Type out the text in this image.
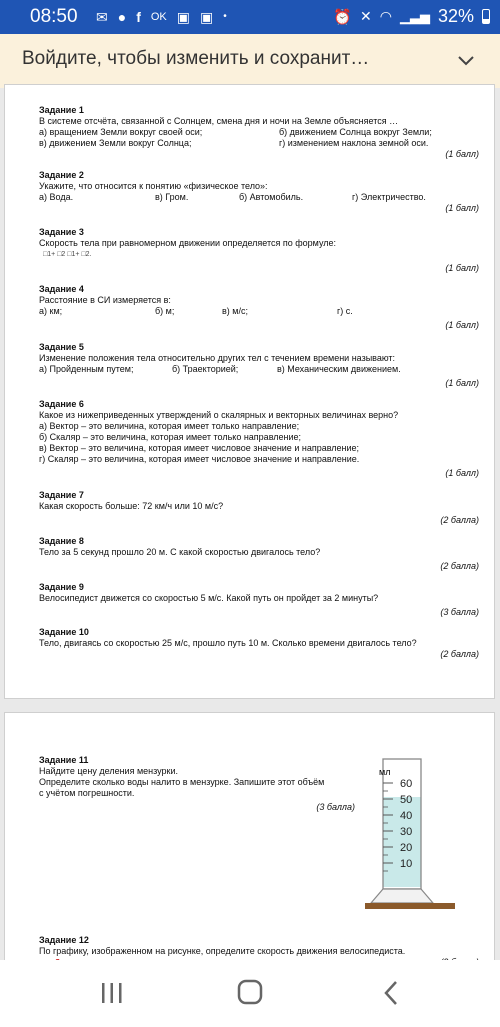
08:50 ✉ ● f OK ▣ ▣ •	⏰ ✕ ◠ ▁▃▅ 32%
Войдите, чтобы изменить и сохранит…
Задание 1
В системе отсчёта, связанной с Солнцем, смена дня и ночи на Земле объясняется …
а) вращением Земли вокруг своей оси;	б) движением Солнца вокруг Земли;
в) движением Земли вокруг Солнца;	г) изменением наклона земной оси.
(1 балл)
Задание 2
Укажите, что относится к понятию «физическое тело»:
а) Вода.	в) Гром.	б) Автомобиль.	г) Электричество.
(1 балл)
Задание 3
Скорость тела при равномерном движении определяется по формуле:
□1+ □2 □1+ □2.
(1 балл)
Задание 4
Расстояние в СИ измеряется в:
а) км;	б) м;	в) м/с;	г) с.
(1 балл)
Задание 5
Изменение положения тела относительно других тел с течением времени называют:
а) Пройденным путем;	б) Траекторией;	в) Механическим движением.
(1 балл)
Задание 6
Какое из нижеприведенных утверждений о скалярных и векторных величинах верно?
а) Вектор – это величина, которая имеет только направление;
б) Скаляр – это величина, которая имеет только направление;
в) Вектор – это величина, которая имеет числовое значение и направление;
г) Скаляр – это величина, которая имеет числовое значение и направление.
(1 балл)
Задание 7
Какая скорость больше: 72 км/ч или 10 м/с?
(2 балла)
Задание 8
Тело за 5 секунд прошло 20 м. С какой скоростью двигалось тело?
(2 балла)
Задание 9
Велосипедист движется со скоростью 5 м/с. Какой путь он пройдет за 2 минуты?
(3 балла)
Задание 10
Тело, двигаясь со скоростью 25 м/с, прошло путь 10 м. Сколько времени двигалось тело?
(2 балла)
Задание 11
Найдите цену деления мензурки.
Определите сколько воды налито в мензурке. Запишите этот объём
с учётом погрешности.
(3 балла)
мл
60
50
40
30
20
10
Задание 12
По графику, изображенном на рисунке, определите скорость движения велосипедиста.
